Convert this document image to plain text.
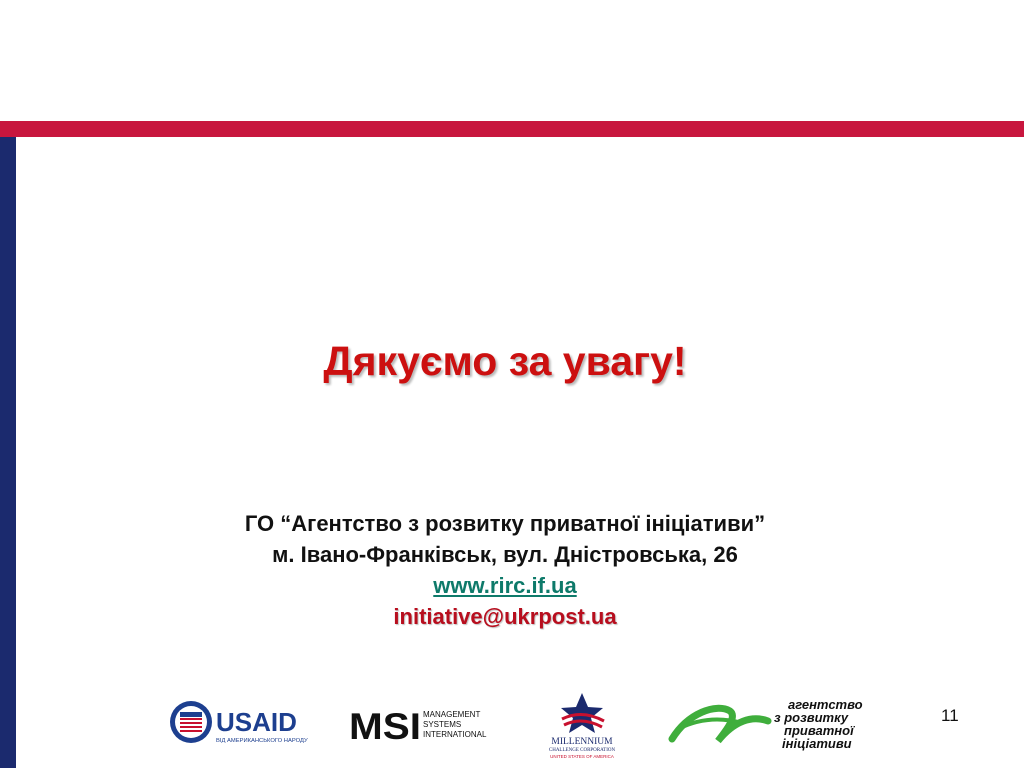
Дякуємо за увагу!
ГО “Агентство з розвитку приватної ініціативи”
м. Івано-Франківськ, вул. Дністровська, 26
www.rirc.if.ua
initiative@ukrpost.ua
USAID
ВІД АМЕРИКАНСЬКОГО НАРОДУ MSI MANAGEMENT
SYSTEMS
INTERNATIONAL
MILLENNIUM
CHALLENGE CORPORATION
UNITED STATES OF AMERICA
агентство
з розвитку
приватної
ініціативи
11
